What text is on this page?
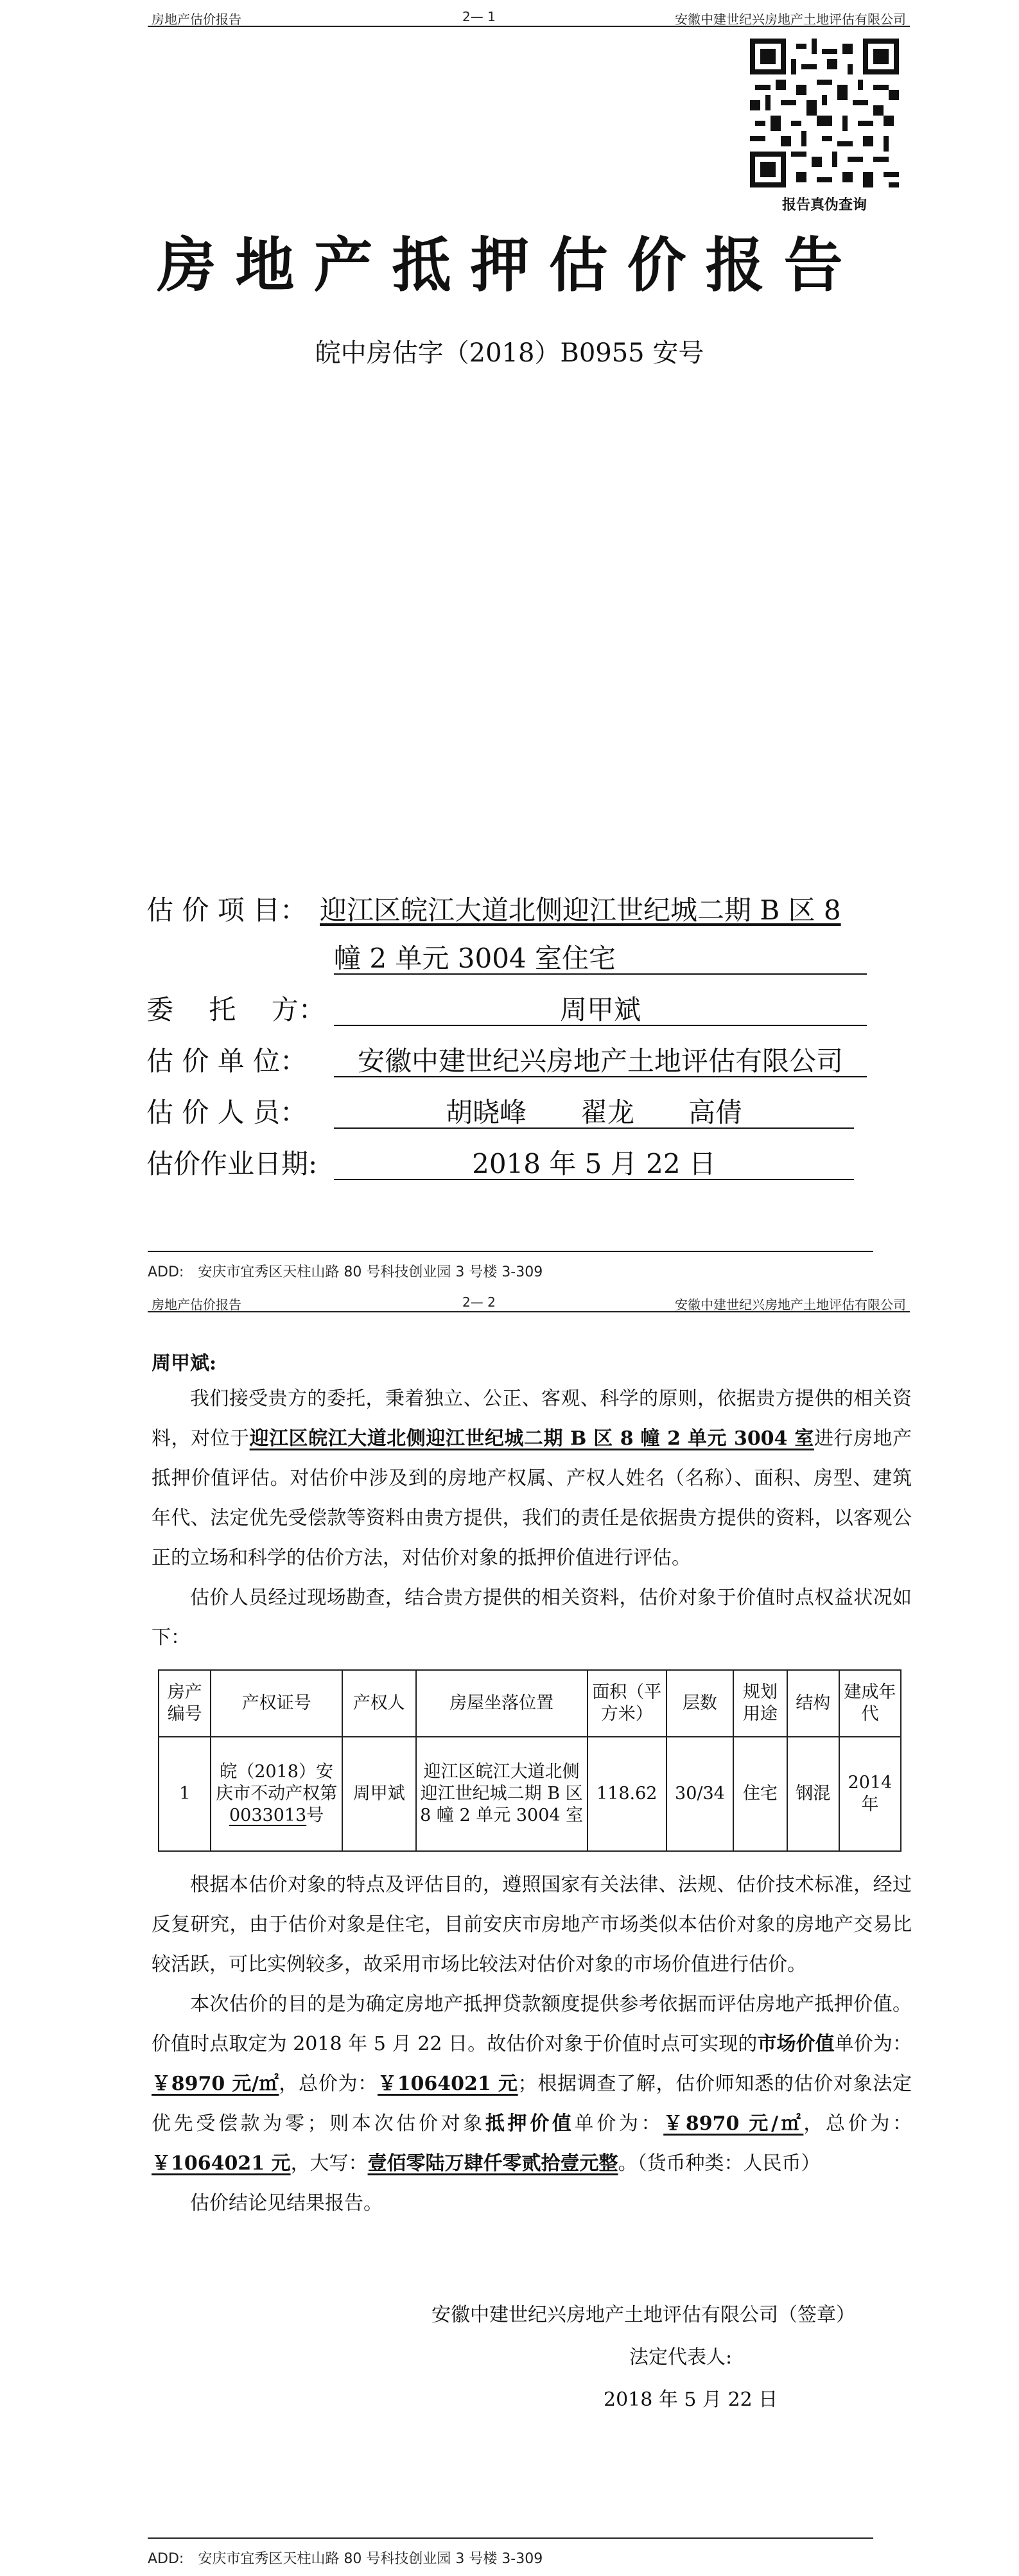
房地产估价报告	2— 1	安徽中建世纪兴房地产土地评估有限公司
报告真伪查询
房地产抵押估价报告
皖中房估字（2018）B0955 安号
估 价 项 目： 迎江区皖江大道北侧迎江世纪城二期 B 区 8
幢 2 单元 3004 室住宅
委　 托　 方：	周甲斌
估 价 单 位：	安徽中建世纪兴房地产土地评估有限公司
估 价 人 员：	胡晓峰　　翟龙　　高倩
估价作业日期:	2018 年 5 月 22 日
ADD:　安庆市宜秀区天柱山路 80 号科技创业园 3 号楼 3-309
房地产估价报告	2— 2	安徽中建世纪兴房地产土地评估有限公司
周甲斌:

我们接受贵方的委托，秉着独立、公正、客观、科学的原则，依据贵方提供的相关资料，对位于迎江区皖江大道北侧迎江世纪城二期 B 区 8 幢 2 单元 3004 室进行房地产抵押价值评估。对估价中涉及到的房地产权属、产权人姓名（名称）、面积、房型、建筑年代、法定优先受偿款等资料由贵方提供，我们的责任是依据贵方提供的资料，以客观公正的立场和科学的估价方法，对估价对象的抵押价值进行评估。

估价人员经过现场勘查，结合贵方提供的相关资料，估价对象于价值时点权益状况如下：

房产编号	产权证号	产权人	房屋坐落位置	面积（平方米）	层数	规划用途	结构	建成年代
1	皖（2018）安庆市不动产权第0033013号	周甲斌	迎江区皖江大道北侧迎江世纪城二期 B 区 8 幢 2 单元 3004 室	118.62	30/34	住宅	钢混	2014 年

根据本估价对象的特点及评估目的，遵照国家有关法律、法规、估价技术标准，经过反复研究，由于估价对象是住宅，目前安庆市房地产市场类似本估价对象的房地产交易比较活跃，可比实例较多，故采用市场比较法对估价对象的市场价值进行估价。

本次估价的目的是为确定房地产抵押贷款额度提供参考依据而评估房地产抵押价值。价值时点取定为 2018 年 5 月 22 日。故估价对象于价值时点可实现的市场价值单价为：￥8970 元/㎡，总价为：￥1064021 元；根据调查了解，估价师知悉的估价对象法定优先受偿款为零；则本次估价对象抵押价值单价为：￥8970 元/㎡，总价为：￥1064021 元，大写：壹佰零陆万肆仟零贰拾壹元整。（货币种类：人民币）

估价结论见结果报告。

安徽中建世纪兴房地产土地评估有限公司（签章）
法定代表人:
2018 年 5 月 22 日
ADD:　安庆市宜秀区天柱山路 80 号科技创业园 3 号楼 3-309
